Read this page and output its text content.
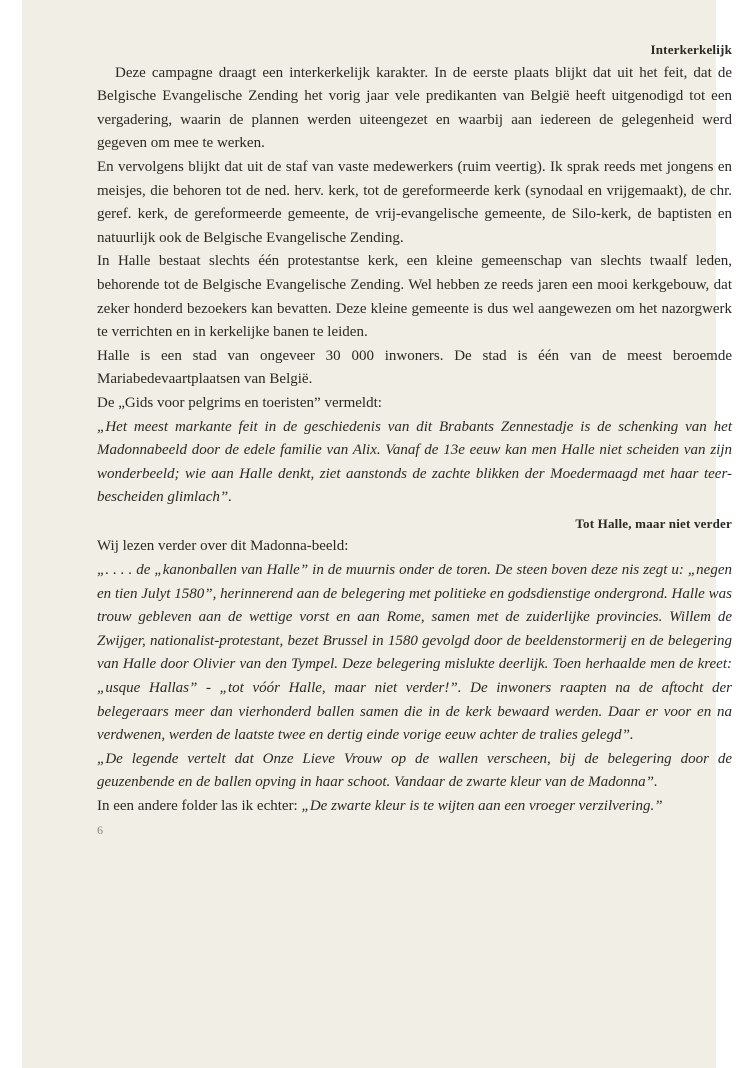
Interkerkelijk

Deze campagne draagt een interkerkelijk karakter. In de eerste plaats blijkt dat uit het feit, dat de Belgische Evangelische Zending het vorig jaar vele predikanten van België heeft uitgenodigd tot een vergadering, waarin de plannen werden uiteengezet en waarbij aan iedereen de gelegenheid werd gegeven om mee te werken.

En vervolgens blijkt dat uit de staf van vaste medewerkers (ruim veertig). Ik sprak reeds met jongens en meisjes, die behoren tot de ned. herv. kerk, tot de gereformeerde kerk (synodaal en vrijgemaakt), de chr. geref. kerk, de gereformeerde gemeente, de vrij-evangelische gemeente, de Silo-kerk, de baptisten en natuurlijk ook de Belgische Evangelische Zending.

In Halle bestaat slechts één protestantse kerk, een kleine gemeenschap van slechts twaalf leden, behorende tot de Belgische Evangelische Zending. Wel hebben ze reeds jaren een mooi kerkgebouw, dat zeker honderd bezoekers kan bevatten. Deze kleine gemeente is dus wel aangewezen om het nazorgwerk te verrichten en in kerkelijke banen te leiden.

Halle is een stad van ongeveer 30 000 inwoners. De stad is één van de meest beroemde Mariabedevaartplaatsen van België.

De „Gids voor pelgrims en toeristen” vermeldt:

„Het meest markante feit in de geschiedenis van dit Brabants Zennestadje is de schenking van het Madonnabeeld door de edele familie van Alix. Vanaf de 13e eeuw kan men Halle niet scheiden van zijn wonderbeeld; wie aan Halle denkt, ziet aanstonds de zachte blikken der Moedermaagd met haar teer-bescheiden glimlach”.

Tot Halle, maar niet verder

Wij lezen verder over dit Madonna-beeld:

„. . . . de „kanonballen van Halle” in de muurnis onder de toren. De steen boven deze nis zegt u: „negen en tien Julyt 1580”, herinnerend aan de belegering met politieke en godsdienstige ondergrond. Halle was trouw gebleven aan de wettige vorst en aan Rome, samen met de zuiderlijke provincies. Willem de Zwijger, nationalist-protestant, bezet Brussel in 1580 gevolgd door de beeldenstormerij en de belegering van Halle door Olivier van den Tympel. Deze belegering mislukte deerlijk. Toen herhaalde men de kreet: „usque Hallas” - „tot vóór Halle, maar niet verder!”. De inwoners raapten na de aftocht der belegeraars meer dan vierhonderd ballen samen die in de kerk bewaard werden. Daar er voor en na verdwenen, werden de laatste twee en dertig einde vorige eeuw achter de tralies gelegd”.

„De legende vertelt dat Onze Lieve Vrouw op de wallen verscheen, bij de belegering door de geuzenbende en de ballen opving in haar schoot. Vandaar de zwarte kleur van de Madonna”.

In een andere folder las ik echter: „De zwarte kleur is te wijten aan een vroeger verzilvering.”

6
